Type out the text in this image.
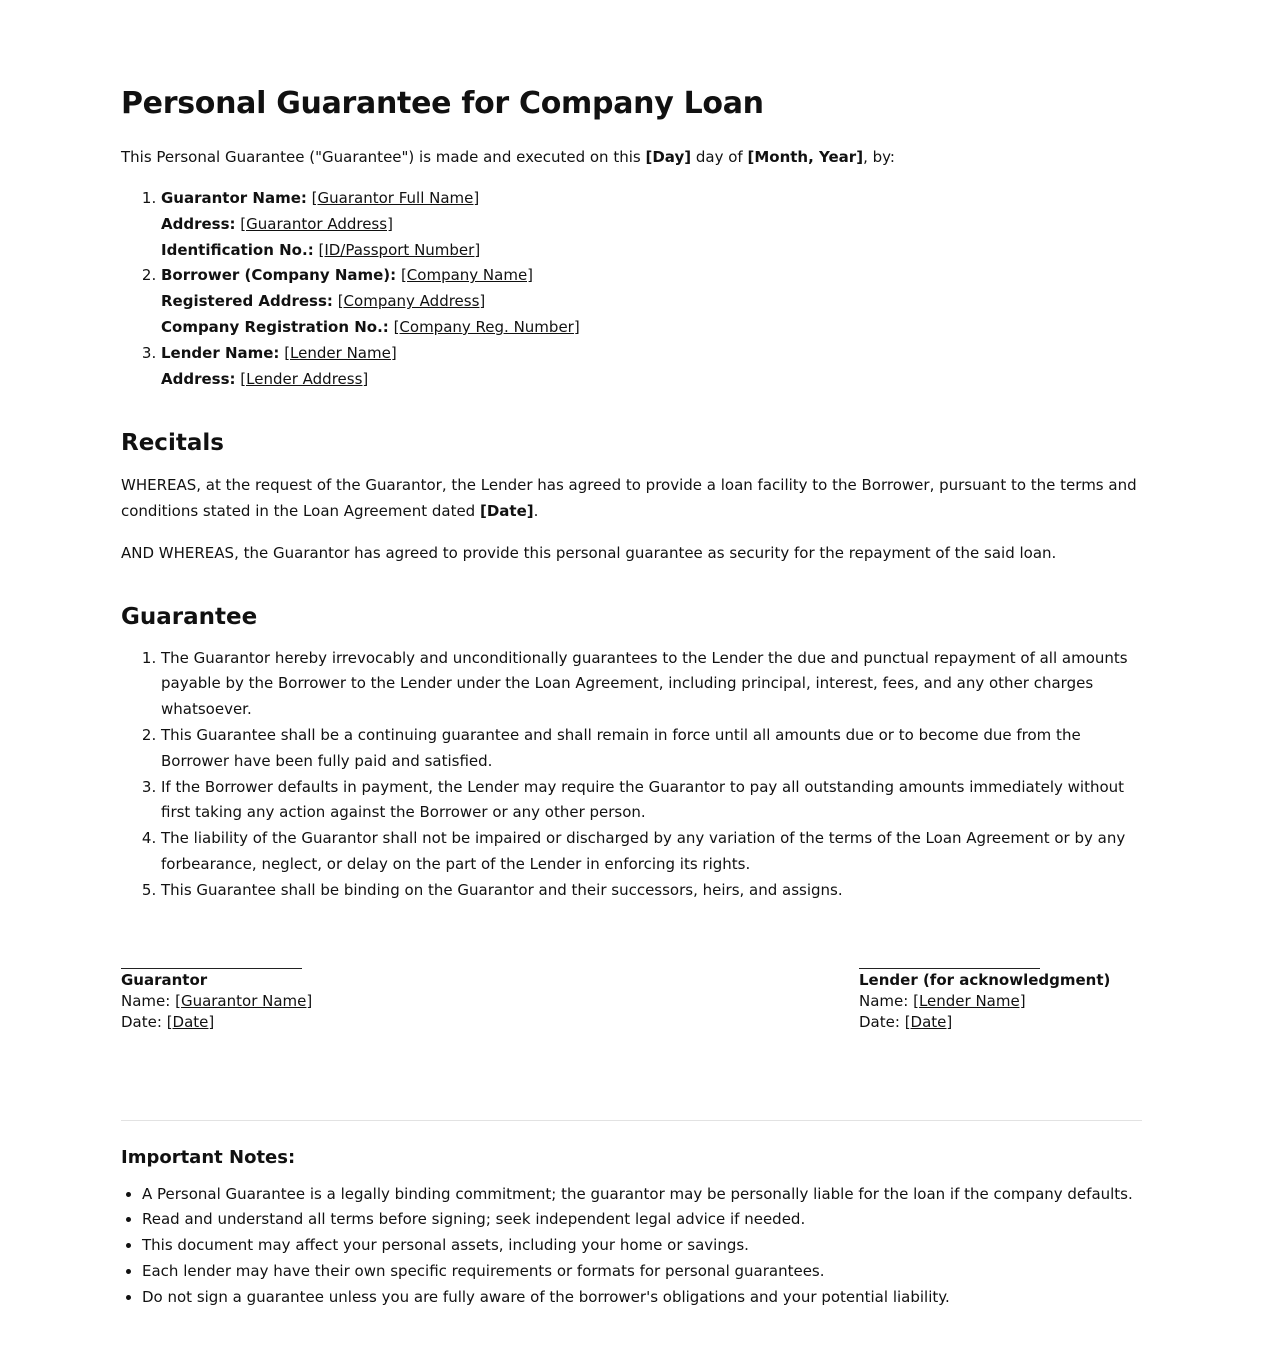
Personal Guarantee for Company Loan

This Personal Guarantee ("Guarantee") is made and executed on this [Day] day of [Month, Year], by:

1. Guarantor Name: [Guarantor Full Name]
Address: [Guarantor Address]
Identification No.: [ID/Passport Number]
2. Borrower (Company Name): [Company Name]
Registered Address: [Company Address]
Company Registration No.: [Company Reg. Number]
3. Lender Name: [Lender Name]
Address: [Lender Address]
Recitals

WHEREAS, at the request of the Guarantor, the Lender has agreed to provide a loan facility to the Borrower, pursuant to the terms and conditions stated in the Loan Agreement dated [Date].

AND WHEREAS, the Guarantor has agreed to provide this personal guarantee as security for the repayment of the said loan.

Guarantee
1. The Guarantor hereby irrevocably and unconditionally guarantees to the Lender the due and punctual repayment of all amounts payable by the Borrower to the Lender under the Loan Agreement, including principal, interest, fees, and any other charges whatsoever.
2. This Guarantee shall be a continuing guarantee and shall remain in force until all amounts due or to become due from the Borrower have been fully paid and satisfied.
3. If the Borrower defaults in payment, the Lender may require the Guarantor to pay all outstanding amounts immediately without first taking any action against the Borrower or any other person.
4. The liability of the Guarantor shall not be impaired or discharged by any variation of the terms of the Loan Agreement or by any forbearance, neglect, or delay on the part of the Lender in enforcing its rights.
5. This Guarantee shall be binding on the Guarantor and their successors, heirs, and assigns.
Guarantor
Name: [Guarantor Name]
Date: [Date]
Lender (for acknowledgment)
Name: [Lender Name]
Date: [Date]
Important Notes:
• A Personal Guarantee is a legally binding commitment; the guarantor may be personally liable for the loan if the company defaults.
• Read and understand all terms before signing; seek independent legal advice if needed.
• This document may affect your personal assets, including your home or savings.
• Each lender may have their own specific requirements or formats for personal guarantees.
• Do not sign a guarantee unless you are fully aware of the borrower's obligations and your potential liability.
